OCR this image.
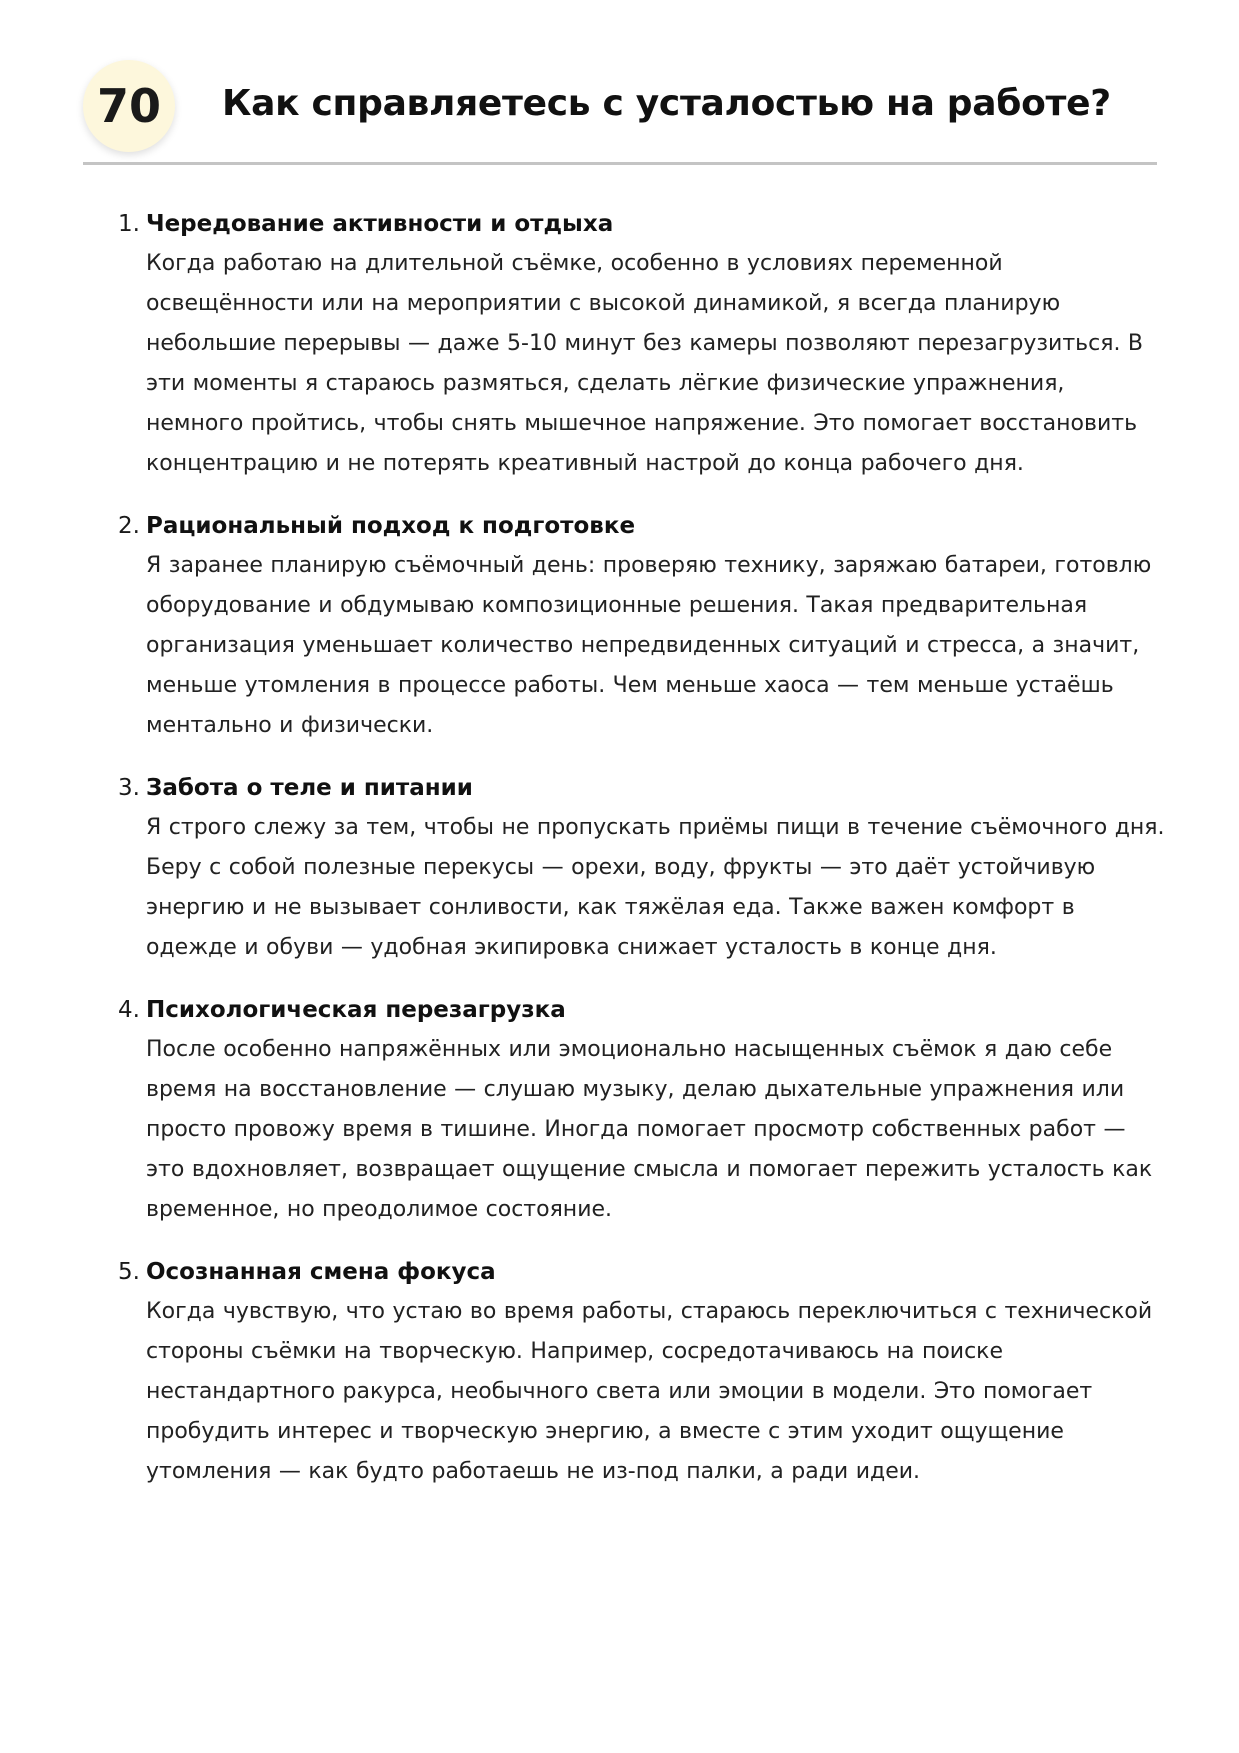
70	Как справляетесь с усталостью на работе?
1. Чередование активности и отдыха
Когда работаю на длительной съёмке, особенно в условиях переменной освещённости или на мероприятии с высокой динамикой, я всегда планирую небольшие перерывы — даже 5-10 минут без камеры позволяют перезагрузиться. В эти моменты я стараюсь размяться, сделать лёгкие физические упражнения, немного пройтись, чтобы снять мышечное напряжение. Это помогает восстановить концентрацию и не потерять креативный настрой до конца рабочего дня.
2. Рациональный подход к подготовке
Я заранее планирую съёмочный день: проверяю технику, заряжаю батареи, готовлю оборудование и обдумываю композиционные решения. Такая предварительная организация уменьшает количество непредвиденных ситуаций и стресса, а значит, меньше утомления в процессе работы. Чем меньше хаоса — тем меньше устаёшь ментально и физически.
3. Забота о теле и питании
Я строго слежу за тем, чтобы не пропускать приёмы пищи в течение съёмочного дня. Беру с собой полезные перекусы — орехи, воду, фрукты — это даёт устойчивую энергию и не вызывает сонливости, как тяжёлая еда. Также важен комфорт в одежде и обуви — удобная экипировка снижает усталость в конце дня.
4. Психологическая перезагрузка
После особенно напряжённых или эмоционально насыщенных съёмок я даю себе время на восстановление — слушаю музыку, делаю дыхательные упражнения или просто провожу время в тишине. Иногда помогает просмотр собственных работ — это вдохновляет, возвращает ощущение смысла и помогает пережить усталость как временное, но преодолимое состояние.
5. Осознанная смена фокуса
Когда чувствую, что устаю во время работы, стараюсь переключиться с технической стороны съёмки на творческую. Например, сосредотачиваюсь на поиске нестандартного ракурса, необычного света или эмоции в модели. Это помогает пробудить интерес и творческую энергию, а вместе с этим уходит ощущение утомления — как будто работаешь не из-под палки, а ради идеи.
